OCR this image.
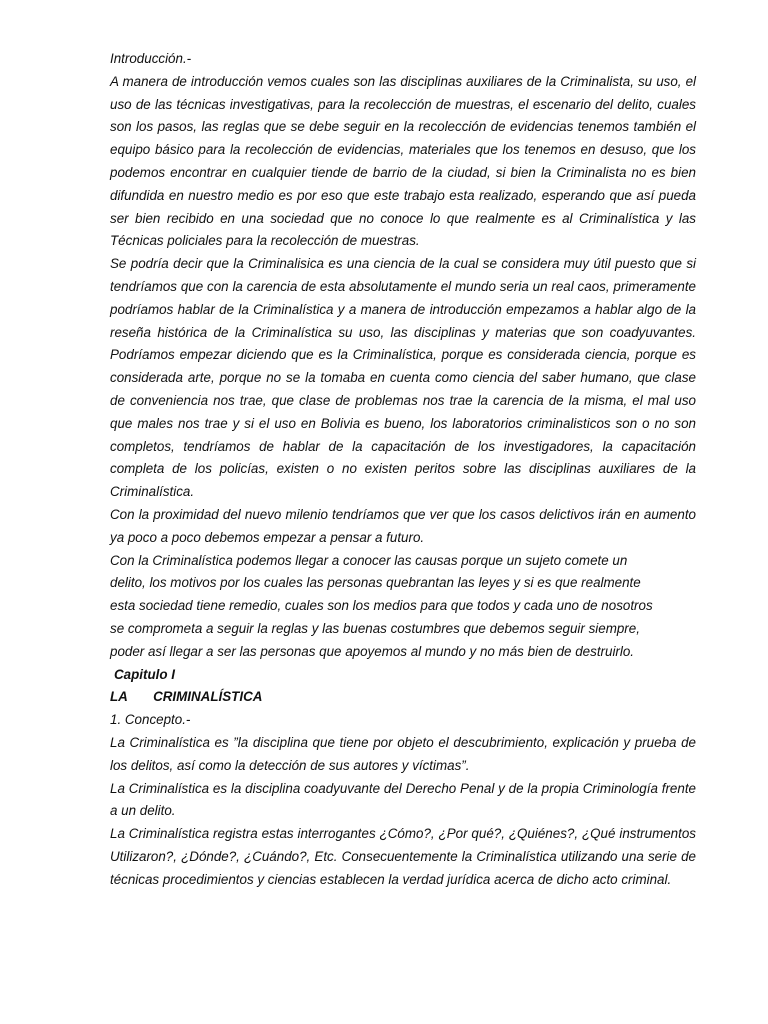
Introducción.-

A manera de introducción vemos cuales son las disciplinas auxiliares de la Criminalista, su uso, el uso de las técnicas investigativas, para la recolección de muestras, el escenario del delito, cuales son los pasos, las reglas que se debe seguir en la recolección de evidencias tenemos también el equipo básico para la recolección de evidencias, materiales que los tenemos en desuso, que los podemos encontrar en cualquier tiende de barrio de la ciudad, si bien la Criminalista no es bien difundida en nuestro medio es por eso que este trabajo esta realizado, esperando que así pueda ser bien recibido en una sociedad que no conoce lo que realmente es al Criminalística y las Técnicas policiales para la recolección de muestras.

Se podría decir que la Criminalisica es una ciencia de la cual se considera muy útil puesto que si tendríamos que con la carencia de esta absolutamente el mundo seria un real caos, primeramente podríamos hablar de la Criminalística y a manera de introducción empezamos a hablar algo de la reseña histórica de la Criminalística su uso, las disciplinas y materias que son coadyuvantes. Podríamos empezar diciendo que es la Criminalística, porque es considerada ciencia, porque es considerada arte, porque no se la tomaba en cuenta como ciencia del saber humano, que clase de conveniencia nos trae, que clase de problemas nos trae la carencia de la misma, el mal uso que males nos trae y si el uso en Bolivia es bueno, los laboratorios criminalisticos son o no son completos, tendríamos de hablar de la capacitación de los investigadores, la capacitación completa de los policías, existen o no existen peritos sobre las disciplinas auxiliares de la Criminalística.

Con la proximidad del nuevo milenio tendríamos que ver que los casos delictivos irán en aumento ya poco a poco debemos empezar a pensar a futuro.

Con la Criminalística podemos llegar a conocer las causas porque un sujeto comete un

delito, los motivos por los cuales las personas quebrantan las leyes y si es que realmente

esta sociedad tiene remedio, cuales son los medios para que todos y cada uno de nosotros

se comprometa a seguir la reglas y las buenas costumbres que debemos seguir siempre,

poder así llegar a ser las personas que apoyemos al mundo y no más bien de destruirlo.

Capitulo I

LA CRIMINALÍSTICA

1. Concepto.-

La Criminalística es ”la disciplina que tiene por objeto el descubrimiento, explicación y prueba de los delitos, así como la detección de sus autores y víctimas”.

La Criminalística es la disciplina coadyuvante del Derecho Penal y de la propia Criminología frente a un delito.

La Criminalística registra estas interrogantes ¿Cómo?, ¿Por qué?, ¿Quiénes?, ¿Qué instrumentos Utilizaron?, ¿Dónde?, ¿Cuándo?, Etc. Consecuentemente la Criminalística utilizando una serie de técnicas procedimientos y ciencias establecen la verdad jurídica acerca de dicho acto criminal.
